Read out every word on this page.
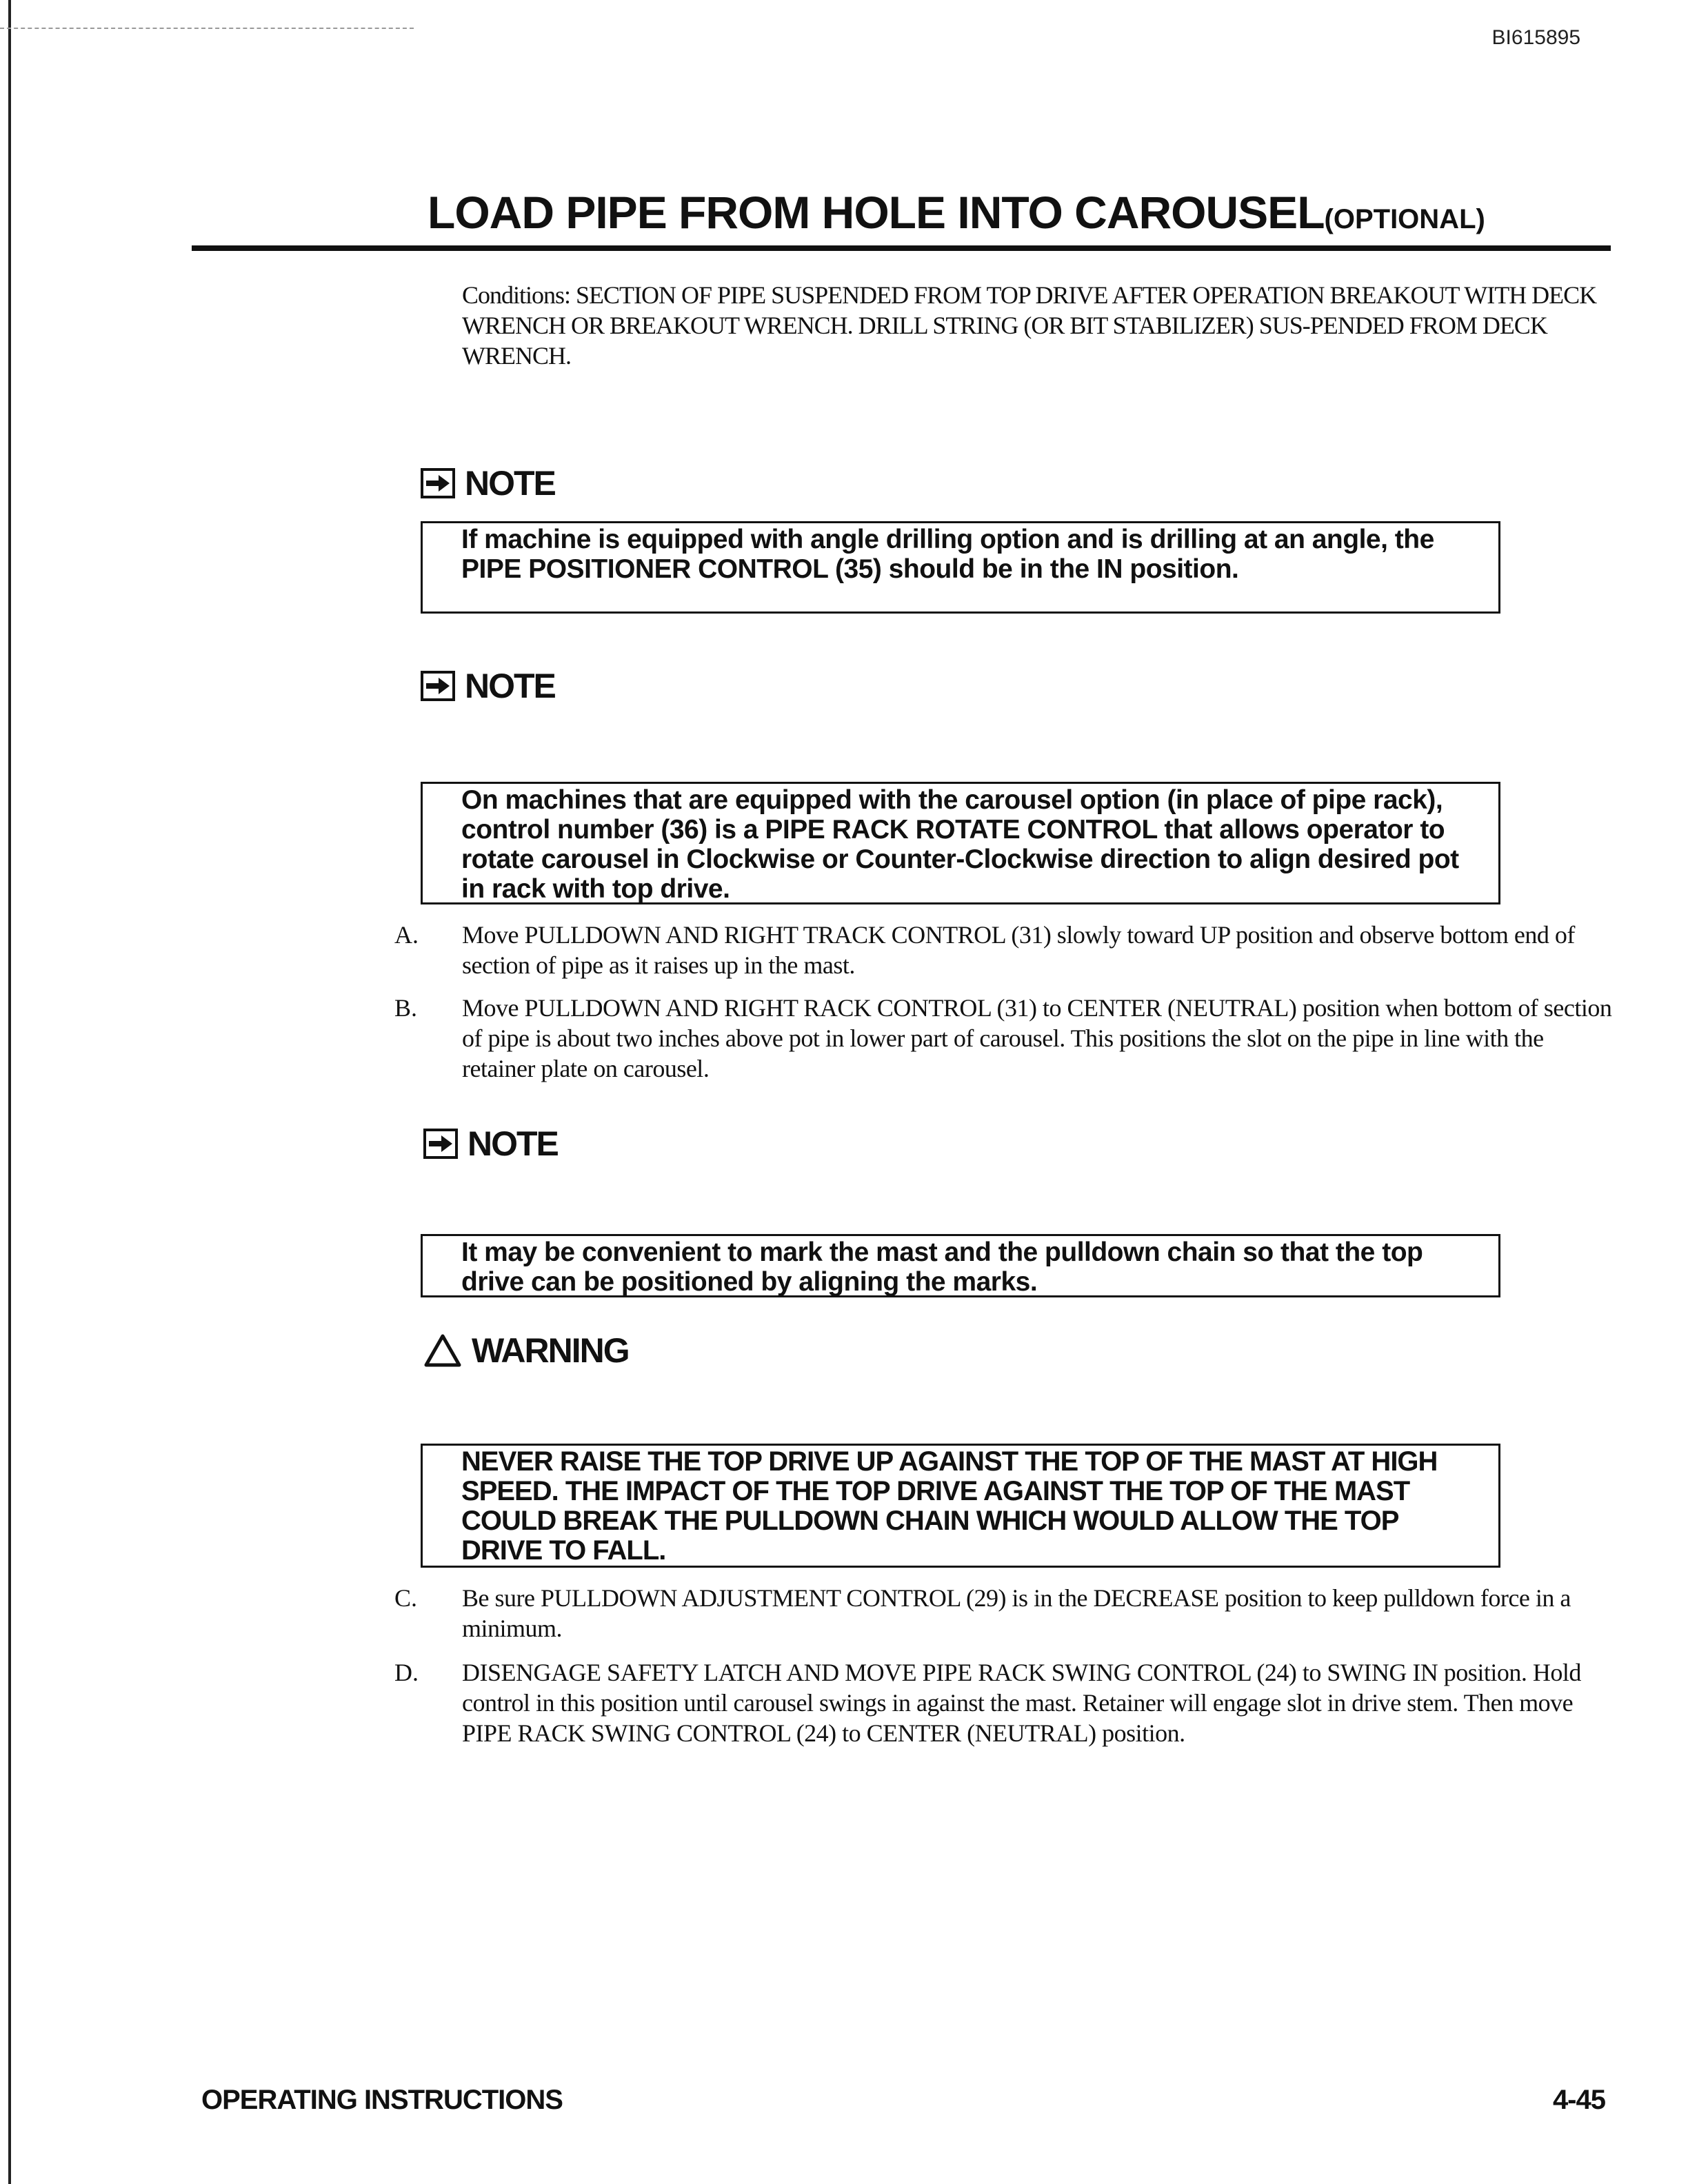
BI615895
LOAD PIPE FROM HOLE INTO CAROUSEL(OPTIONAL)
Conditions: SECTION OF PIPE SUSPENDED FROM TOP DRIVE AFTER OPERATION BREAKOUT WITH DECK WRENCH OR BREAKOUT WRENCH. DRILL STRING (OR BIT STABILIZER) SUS-PENDED FROM DECK WRENCH.
NOTE

If machine is equipped with angle drilling option and is drilling at an angle, the PIPE POSITIONER CONTROL (35) should be in the IN position.

NOTE

On machines that are equipped with the carousel option (in place of pipe rack), control number (36) is a PIPE RACK ROTATE CONTROL that allows operator to rotate carousel in Clockwise or Counter-Clockwise direction to align desired pot in rack with top drive.

A.	Move PULLDOWN AND RIGHT TRACK CONTROL (31) slowly toward UP position and observe bottom end of section of pipe as it raises up in the mast.
B.	Move PULLDOWN AND RIGHT RACK CONTROL (31) to CENTER (NEUTRAL) position when bottom of section of pipe is about two inches above pot in lower part of carousel. This positions the slot on the pipe in line with the retainer plate on carousel.
NOTE

It may be convenient to mark the mast and the pulldown chain so that the top drive can be positioned by aligning the marks.

WARNING

NEVER RAISE THE TOP DRIVE UP AGAINST THE TOP OF THE MAST AT HIGH SPEED. THE IMPACT OF THE TOP DRIVE AGAINST THE TOP OF THE MAST COULD BREAK THE PULLDOWN CHAIN WHICH WOULD ALLOW THE TOP DRIVE TO FALL.

C.	Be sure PULLDOWN ADJUSTMENT CONTROL (29) is in the DECREASE position to keep pulldown force in a minimum.
D.	DISENGAGE SAFETY LATCH AND MOVE PIPE RACK SWING CONTROL (24) to SWING IN position. Hold control in this position until carousel swings in against the mast. Retainer will engage slot in drive stem. Then move PIPE RACK SWING CONTROL (24) to CENTER (NEUTRAL) position.
OPERATING INSTRUCTIONS	4-45
